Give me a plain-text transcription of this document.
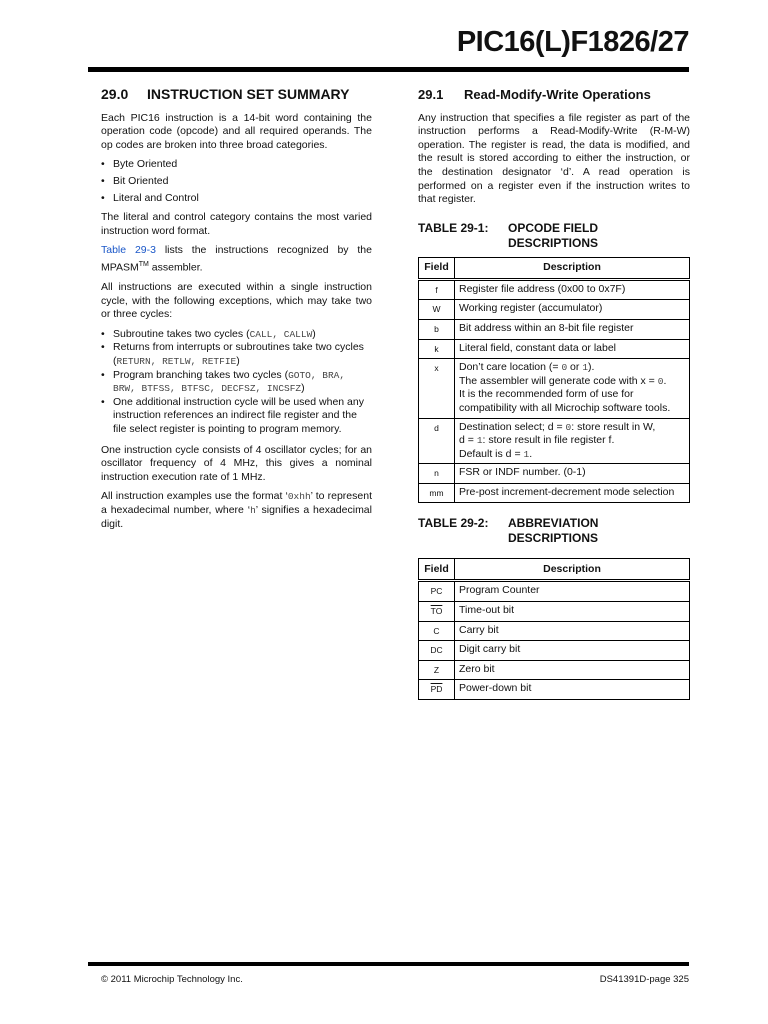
PIC16(L)F1826/27
29.0	INSTRUCTION SET SUMMARY

Each PIC16 instruction is a 14-bit word containing the operation code (opcode) and all required operands. The op codes are broken into three broad categories.

• Byte Oriented
• Bit Oriented
• Literal and Control

The literal and control category contains the most varied instruction word format.

Table 29-3 lists the instructions recognized by the MPASM™ assembler.

All instructions are executed within a single instruction cycle, with the following exceptions, which may take two or three cycles:

• Subroutine takes two cycles (CALL, CALLW)
• Returns from interrupts or subroutines take two cycles (RETURN, RETLW, RETFIE)
• Program branching takes two cycles (GOTO, BRA, BRW, BTFSS, BTFSC, DECFSZ, INCSFZ)
• One additional instruction cycle will be used when any instruction references an indirect file register and the file select register is pointing to program memory.

One instruction cycle consists of 4 oscillator cycles; for an oscillator frequency of 4 MHz, this gives a nominal instruction execution rate of 1 MHz.

All instruction examples use the format ‘0xhh’ to represent a hexadecimal number, where ‘h’ signifies a hexadecimal digit.

29.1	Read-Modify-Write Operations

Any instruction that specifies a file register as part of the instruction performs a Read-Modify-Write (R-M-W) operation. The register is read, the data is modified, and the result is stored according to either the instruction, or the destination designator ‘d’. A read operation is performed on a register even if the instruction writes to that register.

TABLE 29-1:	OPCODE FIELD DESCRIPTIONS
Field	Description
f	Register file address (0x00 to 0x7F)
W	Working register (accumulator)
b	Bit address within an 8-bit file register
k	Literal field, constant data or label
x	Don’t care location (= 0 or 1).
The assembler will generate code with x = 0.
It is the recommended form of use for compatibility with all Microchip software tools.
d	Destination select; d = 0: store result in W,
d = 1: store result in file register f.
Default is d = 1.
n	FSR or INDF number. (0-1)
mm	Pre-post increment-decrement mode selection
TABLE 29-2:	ABBREVIATION DESCRIPTIONS
Field	Description
PC	Program Counter
$\overline{TO}$	Time-out bit
C	Carry bit
DC	Digit carry bit
Z	Zero bit
$\overline{PD}$	Power-down bit
© 2011 Microchip Technology Inc.	DS41391D-page 325
